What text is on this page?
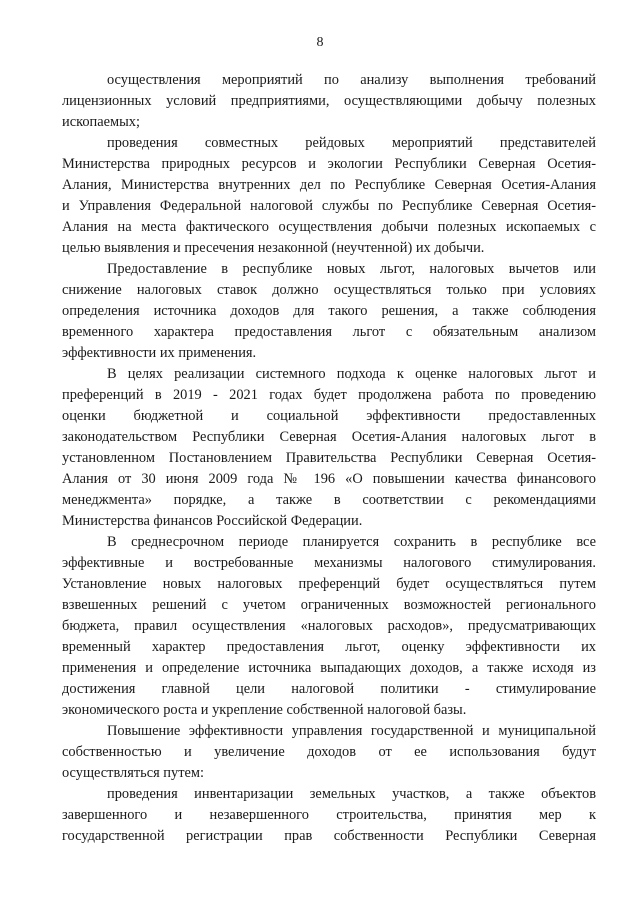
8
осуществления мероприятий по анализу выполнения требований
лицензионных условий предприятиями, осуществляющими добычу полезных
ископаемых;
проведения совместных рейдовых мероприятий представителей
Министерства природных ресурсов и экологии Республики Северная Осетия-
Алания, Министерства внутренних дел по Республике Северная Осетия-Алания
и Управления Федеральной налоговой службы по Республике Северная Осетия-
Алания на места фактического осуществления добычи полезных ископаемых с
целью выявления и пресечения незаконной (неучтенной) их добычи.
Предоставление в республике новых льгот, налоговых вычетов или
снижение налоговых ставок должно осуществляться только при условиях
определения источника доходов для такого решения, а также соблюдения
временного характера предоставления льгот с обязательным анализом
эффективности их применения.
В целях реализации системного подхода к оценке налоговых льгот и
преференций в 2019 - 2021 годах будет продолжена работа по проведению
оценки бюджетной и социальной эффективности предоставленных
законодательством Республики Северная Осетия-Алания налоговых льгот в
установленном Постановлением Правительства Республики Северная Осетия-
Алания от 30 июня 2009 года № 196 «О повышении качества финансового
менеджмента» порядке, а также в соответствии с рекомендациями
Министерства финансов Российской Федерации.
В среднесрочном периоде планируется сохранить в республике все
эффективные и востребованные механизмы налогового стимулирования.
Установление новых налоговых преференций будет осуществляться путем
взвешенных решений с учетом ограниченных возможностей регионального
бюджета, правил осуществления «налоговых расходов», предусматривающих
временный характер предоставления льгот, оценку эффективности их
применения и определение источника выпадающих доходов, а также исходя из
достижения главной цели налоговой политики - стимулирование
экономического роста и укрепление собственной налоговой базы.
Повышение эффективности управления государственной и муниципальной
собственностью и увеличение доходов от ее использования будут
осуществляться путем:
проведения инвентаризации земельных участков, а также объектов
завершенного и незавершенного строительства, принятия мер к
государственной регистрации прав собственности Республики Северная
